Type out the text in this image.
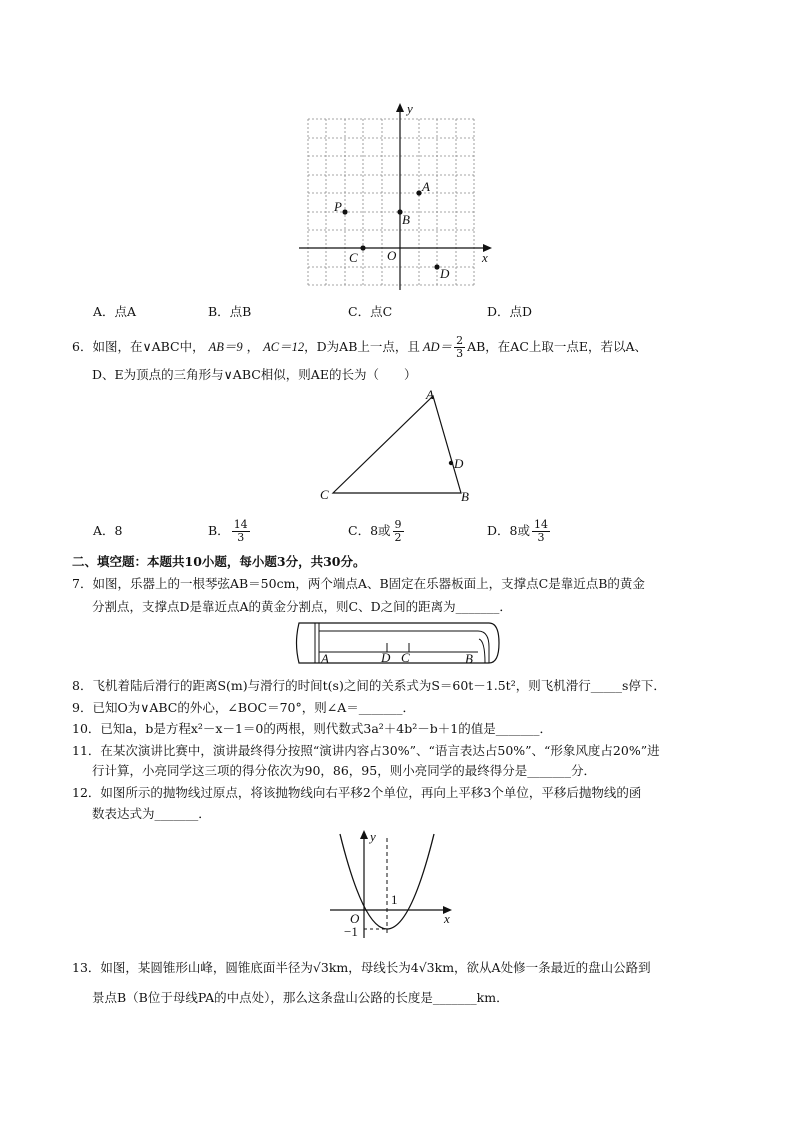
y
x
A
B
P
C O
D
A．点A	B．点B	C．点C	D．点D
6．如图，在∨ABC中， AB＝9 ， AC＝12，D为AB上一点，且 $AD= \frac{2}{3}$ AB，在AC上取一点E，若以A、
D、E为顶点的三角形与∨ABC相似，则AE的长为（　　）
A
B
C
D
A．8	B． $\frac{14}{3}$	C．8或 $\frac{9}{2}$	D．8或 $\frac{14}{3}$
二、填空题：本题共10小题，每小题3分，共30分。
7．如图，乐器上的一根琴弦AB＝50cm，两个端点A、B固定在乐器板面上，支撑点C是靠近点B的黄金
分割点，支撑点D是靠近点A的黄金分割点，则C、D之间的距离为_______．
A	D C	B
8．飞机着陆后滑行的距离S(m)与滑行的时间t(s)之间的关系式为S＝60t－1.5t²，则飞机滑行_____s停下．
9．已知O为∨ABC的外心，∠BOC＝70°，则∠A＝_______．
10．已知a，b是方程x²－x－1＝0的两根，则代数式3a²＋4b²－b＋1的值是_______．
11．在某次演讲比赛中，演讲最终得分按照“演讲内容占30%”、“语言表达占50%”、“形象风度占20%”进
行计算，小亮同学这三项的得分依次为90，86，95，则小亮同学的最终得分是_______分．
12．如图所示的抛物线过原点，将该抛物线向右平移2个单位，再向上平移3个单位，平移后抛物线的函
数表达式为_______．
y
x
O
1
−1
13．如图，某圆锥形山峰，圆锥底面半径为√3km，母线长为4√3km，欲从A处修一条最近的盘山公路到
景点B（B位于母线PA的中点处），那么这条盘山公路的长度是_______km．
